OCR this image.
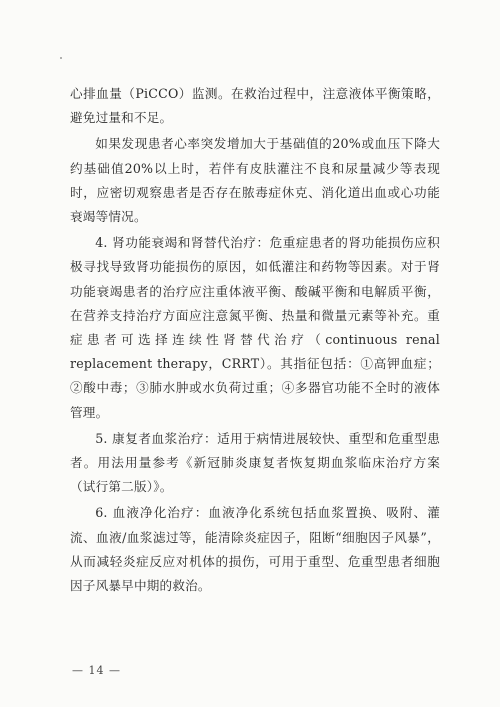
心排血量（PiCCO）监测。在救治过程中，注意液体平衡策略，避免过量和不足。

如果发现患者心率突发增加大于基础值的20%或血压下降大约基础值20%以上时，若伴有皮肤灌注不良和尿量减少等表现时，应密切观察患者是否存在脓毒症休克、消化道出血或心功能衰竭等情况。

4. 肾功能衰竭和肾替代治疗：危重症患者的肾功能损伤应积极寻找导致肾功能损伤的原因，如低灌注和药物等因素。对于肾功能衰竭患者的治疗应注重体液平衡、酸碱平衡和电解质平衡，在营养支持治疗方面应注意氮平衡、热量和微量元素等补充。重症患者可选择连续性肾替代治疗（continuous renal replacement therapy，CRRT）。其指征包括：①高钾血症；②酸中毒；③肺水肿或水负荷过重；④多器官功能不全时的液体管理。

5. 康复者血浆治疗：适用于病情进展较快、重型和危重型患者。用法用量参考《新冠肺炎康复者恢复期血浆临床治疗方案（试行第二版）》。

6. 血液净化治疗：血液净化系统包括血浆置换、吸附、灌流、血液/血浆滤过等，能清除炎症因子，阻断“细胞因子风暴”，从而减轻炎症反应对机体的损伤，可用于重型、危重型患者细胞因子风暴早中期的救治。

— 14 —
